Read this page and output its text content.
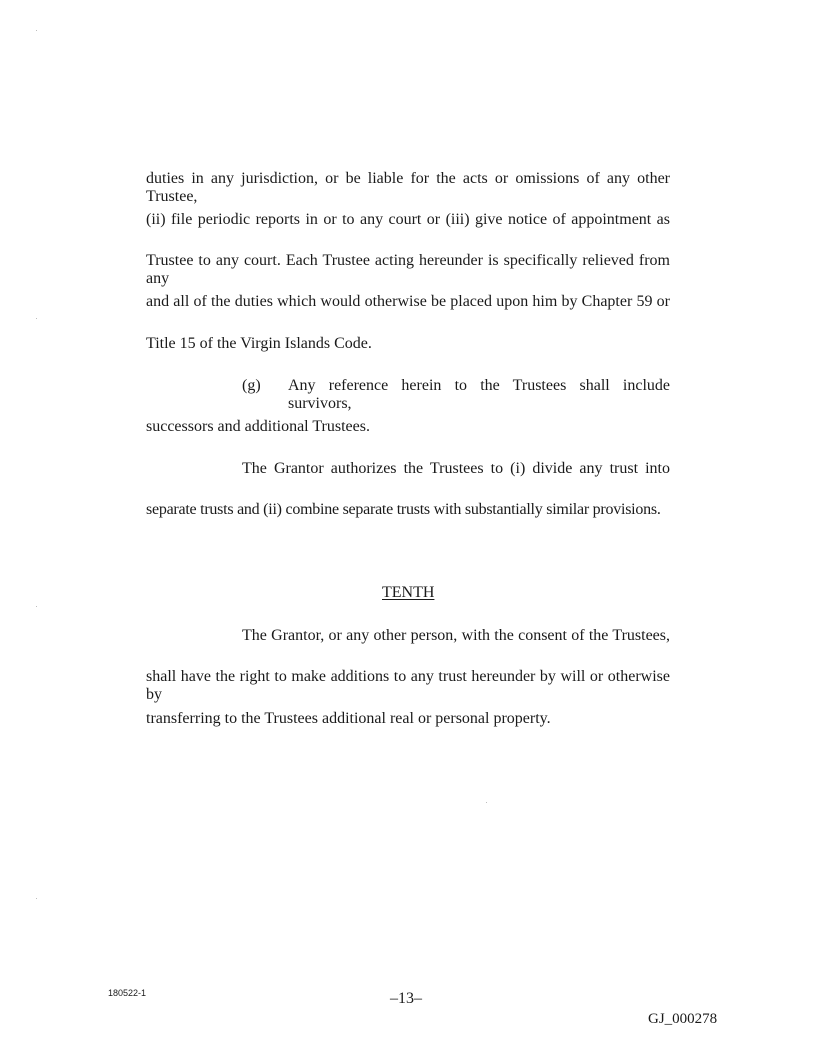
duties in any jurisdiction, or be liable for the acts or omissions of any other Trustee,
(ii) file periodic reports in or to any court or (iii) give notice of appointment as
Trustee to any court. Each Trustee acting hereunder is specifically relieved from any
and all of the duties which would otherwise be placed upon him by Chapter 59 or
Title 15 of the Virgin Islands Code.
(g) Any reference herein to the Trustees shall include survivors,
successors and additional Trustees.
The Grantor authorizes the Trustees to (i) divide any trust into
separate trusts and (ii) combine separate trusts with substantially similar provisions.
TENTH
The Grantor, or any other person, with the consent of the Trustees,
shall have the right to make additions to any trust hereunder by will or otherwise by
transferring to the Trustees additional real or personal property.
180522-1	–13–
GJ_000278
